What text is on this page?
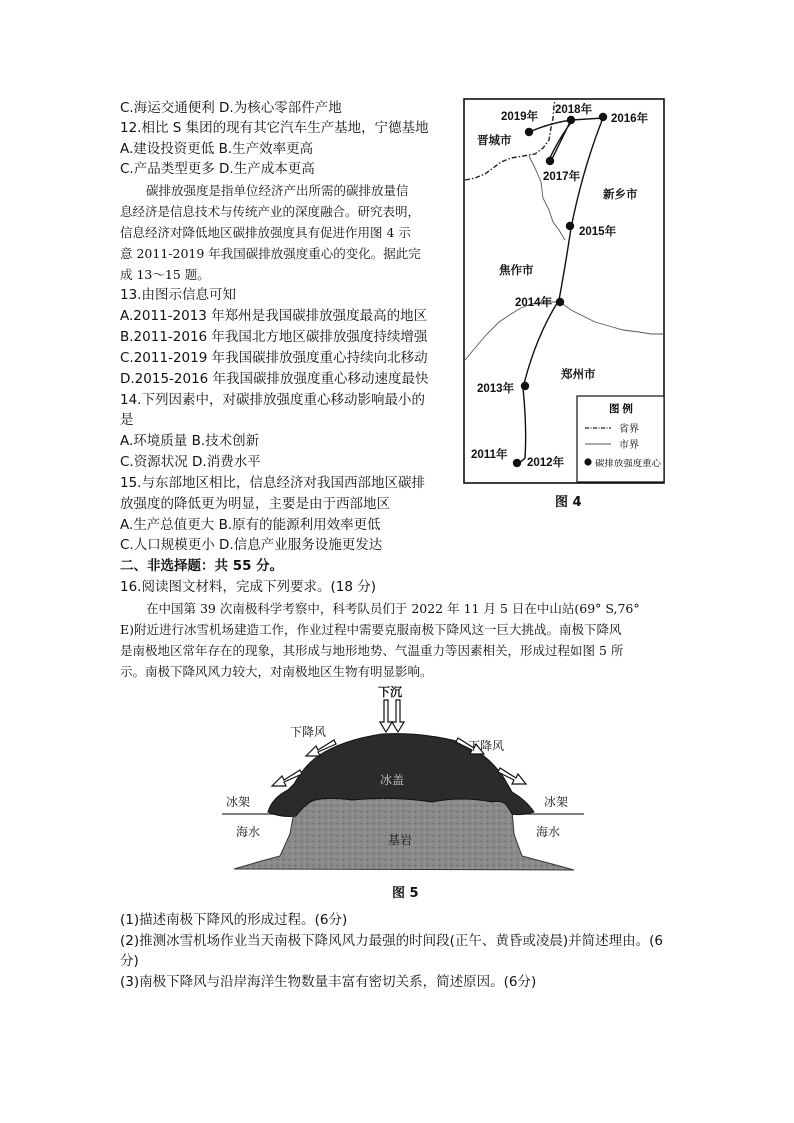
C.海运交通便利 D.为核心零部件产地
12.相比 S 集团的现有其它汽车生产基地，宁德基地
A.建设投资更低 B.生产效率更高
C.产品类型更多 D.生产成本更高
碳排放强度是指单位经济产出所需的碳排放量信
息经济是信息技术与传统产业的深度融合。研究表明，
信息经济对降低地区碳排放强度具有促进作用图 4 示
意 2011-2019 年我国碳排放强度重心的变化。据此完
成 13～15 题。
13.由图示信息可知
A.2011-2013 年郑州是我国碳排放强度最高的地区
B.2011-2016 年我国北方地区碳排放强度持续增强
C.2011-2019 年我国碳排放强度重心持续向北移动
D.2015-2016 年我国碳排放强度重心移动速度最快
14.下列因素中，对碳排放强度重心移动影响最小的
是
A.环境质量 B.技术创新
C.资源状况 D.消费水平
15.与东部地区相比，信息经济对我国西部地区碳排
放强度的降低更为明显，主要是由于西部地区
A.生产总值更大 B.原有的能源利用效率更低
C.人口规模更小 D.信息产业服务设施更发达
二、非选择题：共 55 分。
16.阅读图文材料，完成下列要求。(18 分)
在中国第 39 次南极科学考察中，科考队员们于 2022 年 11 月 5 日在中山站(69° S,76°
E)附近进行冰雪机场建造工作，作业过程中需要克服南极下降风这一巨大挑战。南极下降风
是南极地区常年存在的现象，其形成与地形地势、气温重力等因素相关，形成过程如图 5 所
示。南极下降风风力较大，对南极地区生物有明显影响。
(1)描述南极下降风的形成过程。(6分)
(2)推测冰雪机场作业当天南极下降风风力最强的时间段(正午、黄昏或凌晨)并简述理由。(6
分)
(3)南极下降风与沿岸海洋生物数量丰富有密切关系，简述原因。(6分)
2019年
2018年
2016年
晋城市
2017年
新乡市
2015年
焦作市
2014年
郑州市
2013年
2011年
2012年
图 例
省界
市界
碳排放强度重心
图 4
下沉
下降风
下降风
冰盖
冰架	冰架
海水	海水
基岩
图 5
